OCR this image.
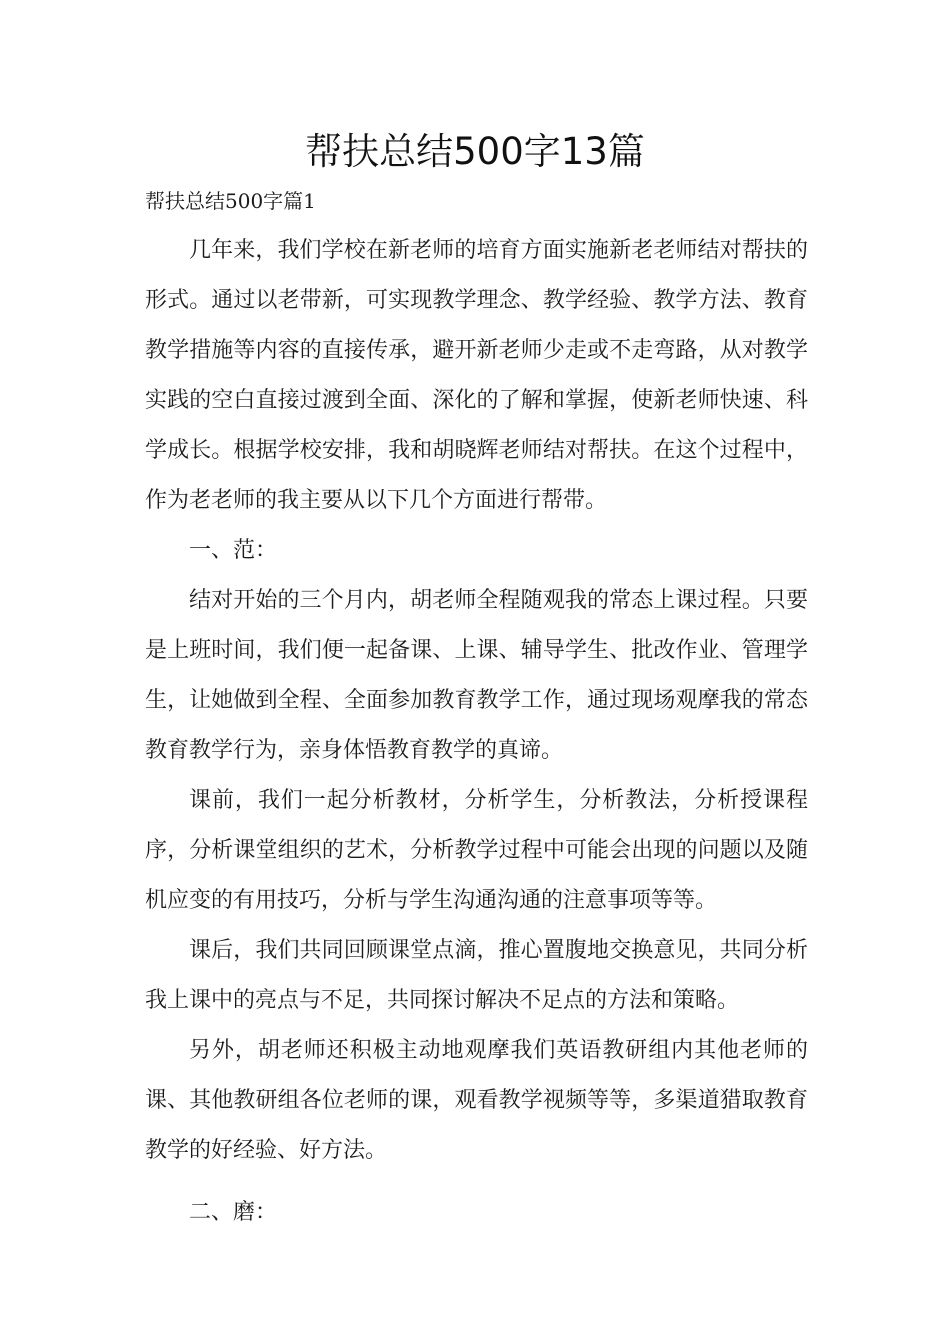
帮扶总结500字13篇
帮扶总结500字篇1

几年来，我们学校在新老师的培育方面实施新老老师结对帮扶的形式。通过以老带新，可实现教学理念、教学经验、教学方法、教育教学措施等内容的直接传承，避开新老师少走或不走弯路，从对教学实践的空白直接过渡到全面、深化的了解和掌握，使新老师快速、科学成长。根据学校安排，我和胡晓辉老师结对帮扶。在这个过程中，作为老老师的我主要从以下几个方面进行帮带。

一、范：

结对开始的三个月内，胡老师全程随观我的常态上课过程。只要是上班时间，我们便一起备课、上课、辅导学生、批改作业、管理学生，让她做到全程、全面参加教育教学工作，通过现场观摩我的常态教育教学行为，亲身体悟教育教学的真谛。

课前，我们一起分析教材，分析学生，分析教法，分析授课程序，分析课堂组织的艺术，分析教学过程中可能会出现的问题以及随机应变的有用技巧，分析与学生沟通沟通的注意事项等等。

课后，我们共同回顾课堂点滴，推心置腹地交换意见，共同分析我上课中的亮点与不足，共同探讨解决不足点的方法和策略。

另外，胡老师还积极主动地观摩我们英语教研组内其他老师的课、其他教研组各位老师的课，观看教学视频等等，多渠道猎取教育教学的好经验、好方法。

二、磨：
